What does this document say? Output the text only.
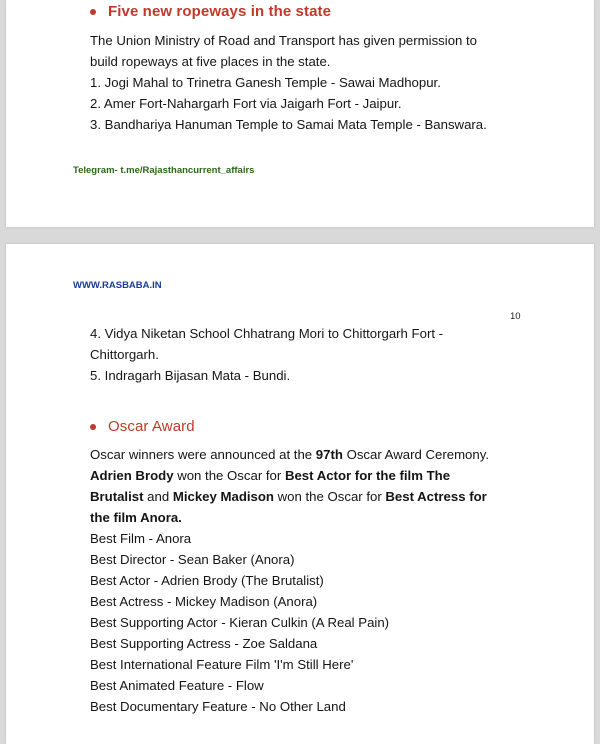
Five new ropeways in the state
The Union Ministry of Road and Transport has given permission to
build ropeways at five places in the state.
1. Jogi Mahal to Trinetra Ganesh Temple - Sawai Madhopur.
2. Amer Fort-Nahargarh Fort via Jaigarh Fort - Jaipur.
3. Bandhariya Hanuman Temple to Samai Mata Temple - Banswara.
Telegram- t.me/Rajasthancurrent_affairs
WWW.RASBABA.IN
10
4. Vidya Niketan School Chhatrang Mori to Chittorgarh Fort -
Chittorgarh.
5. Indragarh Bijasan Mata - Bundi.
Oscar Award
Oscar winners were announced at the 97th Oscar Award Ceremony.
Adrien Brody won the Oscar for Best Actor for the film The
Brutalist and Mickey Madison won the Oscar for Best Actress for
the film Anora.
Best Film - Anora
Best Director - Sean Baker (Anora)
Best Actor - Adrien Brody (The Brutalist)
Best Actress - Mickey Madison (Anora)
Best Supporting Actor - Kieran Culkin (A Real Pain)
Best Supporting Actress - Zoe Saldana
Best International Feature Film 'I'm Still Here'
Best Animated Feature - Flow
Best Documentary Feature - No Other Land
